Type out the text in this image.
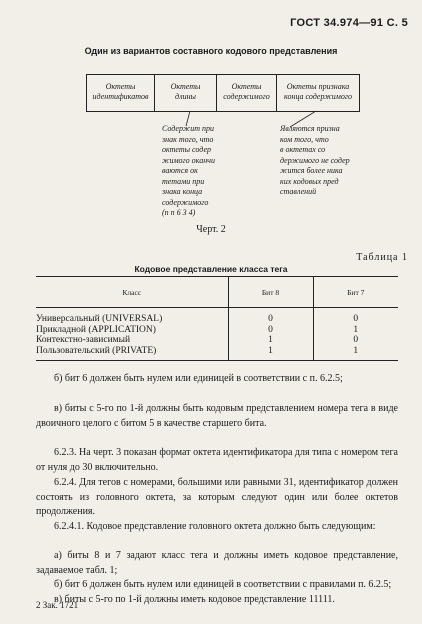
ГОСТ 34.974—91 С. 5
Один из вариантов составного кодового представления
Октеты
идентификатов
Октеты
длины
Октеты
содержимого
Октеты признака
конца содержимого
Содержит при
знак того, что
октеты содер
жимого оканчи
ваются ок
тетами при
знака конца
содержимого
(п п 6 3 4)
Являются призна
ком того, что
в октетах со
держимого не содер
жится более ника
ких кодовых пред
ставлений
Черт. 2
Таблица 1
Кодовое представление класса тега
Класс	Бит 8	Бит 7
Универсальный (UNIVERSAL)	0	0
Прикладной (APPLICATION)	0	1
Контекстно-зависимый	1	0
Пользовательский (PRIVATE)	1	1
б) бит 6 должен быть нулем или единицей в соответствии с п. 6.2.5;
в) биты с 5-го по 1-й должны быть кодовым представлением номера тега в виде двоичного целого с битом 5 в качестве старшего бита.
6.2.3. На черт. 3 показан формат октета идентификатора для типа с номером тега от нуля до 30 включительно.
6.2.4. Для тегов с номерами, большими или равными 31, идентификатор должен состоять из головного октета, за которым следуют один или более октетов продолжения.
6.2.4.1. Кодовое представление головного октета должно быть следующим:
а) биты 8 и 7 задают класс тега и должны иметь кодовое представление, задаваемое табл. 1;
б) бит 6 должен быть нулем или единицей в соответствии с правилами п. 6.2.5;
в) биты с 5-го по 1-й должны иметь кодовое представление 11111.
2 Зак. 1721
